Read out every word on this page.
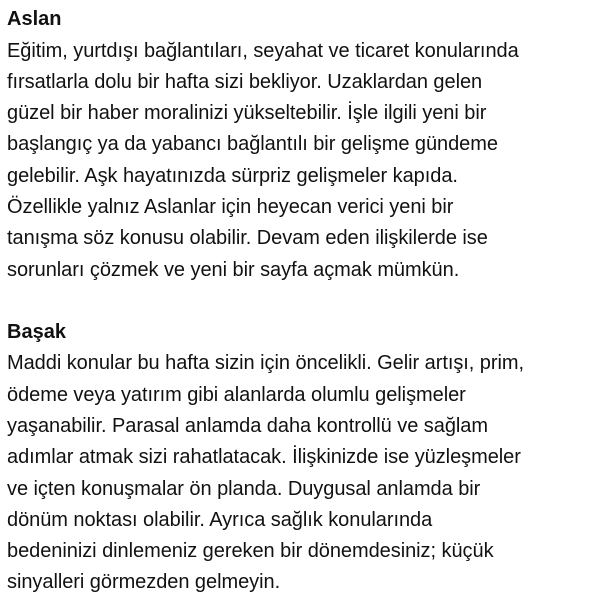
Aslan

Eğitim, yurtdışı bağlantıları, seyahat ve ticaret konularında
fırsatlarla dolu bir hafta sizi bekliyor. Uzaklardan gelen
güzel bir haber moralinizi yükseltebilir. İşle ilgili yeni bir
başlangıç ya da yabancı bağlantılı bir gelişme gündeme
gelebilir. Aşk hayatınızda sürpriz gelişmeler kapıda.
Özellikle yalnız Aslanlar için heyecan verici yeni bir
tanışma söz konusu olabilir. Devam eden ilişkilerde ise
sorunları çözmek ve yeni bir sayfa açmak mümkün.

Başak

Maddi konular bu hafta sizin için öncelikli. Gelir artışı, prim,
ödeme veya yatırım gibi alanlarda olumlu gelişmeler
yaşanabilir. Parasal anlamda daha kontrollü ve sağlam
adımlar atmak sizi rahatlatacak. İlişkinizde ise yüzleşmeler
ve içten konuşmalar ön planda. Duygusal anlamda bir
dönüm noktası olabilir. Ayrıca sağlık konularında
bedeninizi dinlemeniz gereken bir dönemdesiniz; küçük
sinyalleri görmezden gelmeyin.
